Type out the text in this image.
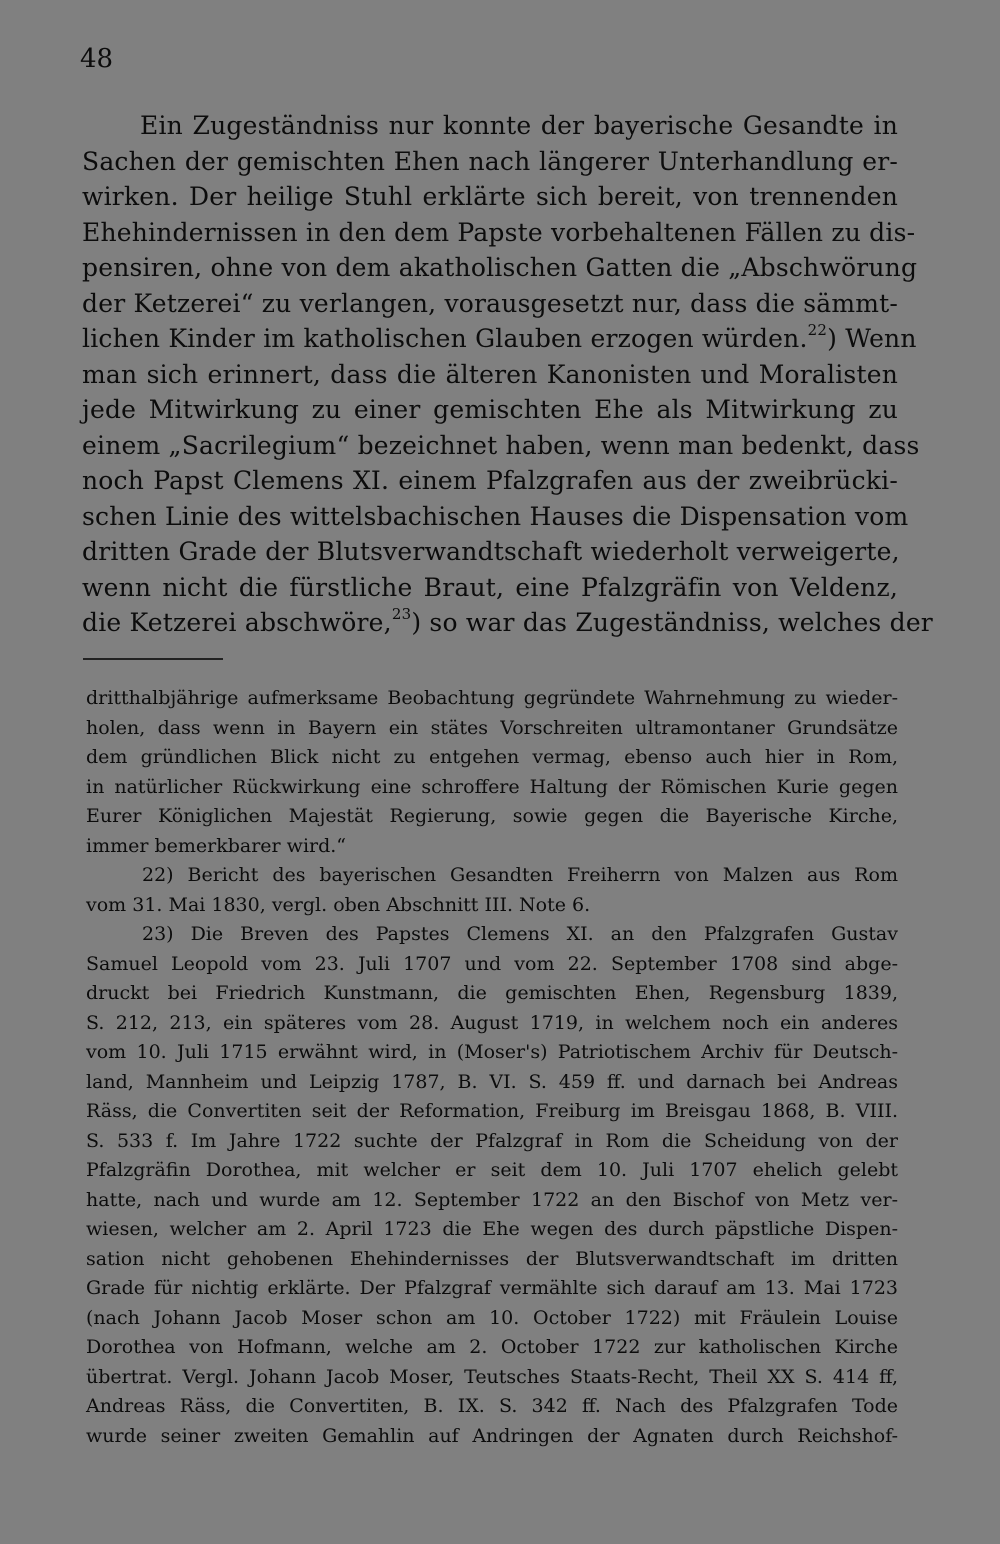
48
Ein Zugeständniss nur konnte der bayerische Gesandte in
Sachen der gemischten Ehen nach längerer Unterhandlung er-
wirken. Der heilige Stuhl erklärte sich bereit, von trennenden
Ehehindernissen in den dem Papste vorbehaltenen Fällen zu dis-
pensiren, ohne von dem akatholischen Gatten die „Abschwörung
der Ketzerei“ zu verlangen, vorausgesetzt nur, dass die sämmt-
lichen Kinder im katholischen Glauben erzogen würden.$^{22}$) Wenn
man sich erinnert, dass die älteren Kanonisten und Moralisten
jede Mitwirkung zu einer gemischten Ehe als Mitwirkung zu
einem „Sacrilegium“ bezeichnet haben, wenn man bedenkt, dass
noch Papst Clemens XI. einem Pfalzgrafen aus der zweibrücki-
schen Linie des wittelsbachischen Hauses die Dispensation vom
dritten Grade der Blutsverwandtschaft wiederholt verweigerte,
wenn nicht die fürstliche Braut, eine Pfalzgräfin von Veldenz,
die Ketzerei abschwöre,$^{23}$) so war das Zugeständniss, welches der
dritthalbjährige aufmerksame Beobachtung gegründete Wahrnehmung zu wieder-
holen, dass wenn in Bayern ein stätes Vorschreiten ultramontaner Grundsätze
dem gründlichen Blick nicht zu entgehen vermag, ebenso auch hier in Rom,
in natürlicher Rückwirkung eine schroffere Haltung der Römischen Kurie gegen
Eurer Königlichen Majestät Regierung, sowie gegen die Bayerische Kirche,
immer bemerkbarer wird.“
22) Bericht des bayerischen Gesandten Freiherrn von Malzen aus Rom
vom 31. Mai 1830, vergl. oben Abschnitt III. Note 6.
23) Die Breven des Papstes Clemens XI. an den Pfalzgrafen Gustav
Samuel Leopold vom 23. Juli 1707 und vom 22. September 1708 sind abge-
druckt bei Friedrich Kunstmann, die gemischten Ehen, Regensburg 1839,
S. 212, 213, ein späteres vom 28. August 1719, in welchem noch ein anderes
vom 10. Juli 1715 erwähnt wird, in (Moser's) Patriotischem Archiv für Deutsch-
land, Mannheim und Leipzig 1787, B. VI. S. 459 ff. und darnach bei Andreas
Räss, die Convertiten seit der Reformation, Freiburg im Breisgau 1868, B. VIII.
S. 533 f. Im Jahre 1722 suchte der Pfalzgraf in Rom die Scheidung von der
Pfalzgräfin Dorothea, mit welcher er seit dem 10. Juli 1707 ehelich gelebt
hatte, nach und wurde am 12. September 1722 an den Bischof von Metz ver-
wiesen, welcher am 2. April 1723 die Ehe wegen des durch päpstliche Dispen-
sation nicht gehobenen Ehehindernisses der Blutsverwandtschaft im dritten
Grade für nichtig erklärte. Der Pfalzgraf vermählte sich darauf am 13. Mai 1723
(nach Johann Jacob Moser schon am 10. October 1722) mit Fräulein Louise
Dorothea von Hofmann, welche am 2. October 1722 zur katholischen Kirche
übertrat. Vergl. Johann Jacob Moser, Teutsches Staats-Recht, Theil XX S. 414 ff,
Andreas Räss, die Convertiten, B. IX. S. 342 ff. Nach des Pfalzgrafen Tode
wurde seiner zweiten Gemahlin auf Andringen der Agnaten durch Reichshof-
